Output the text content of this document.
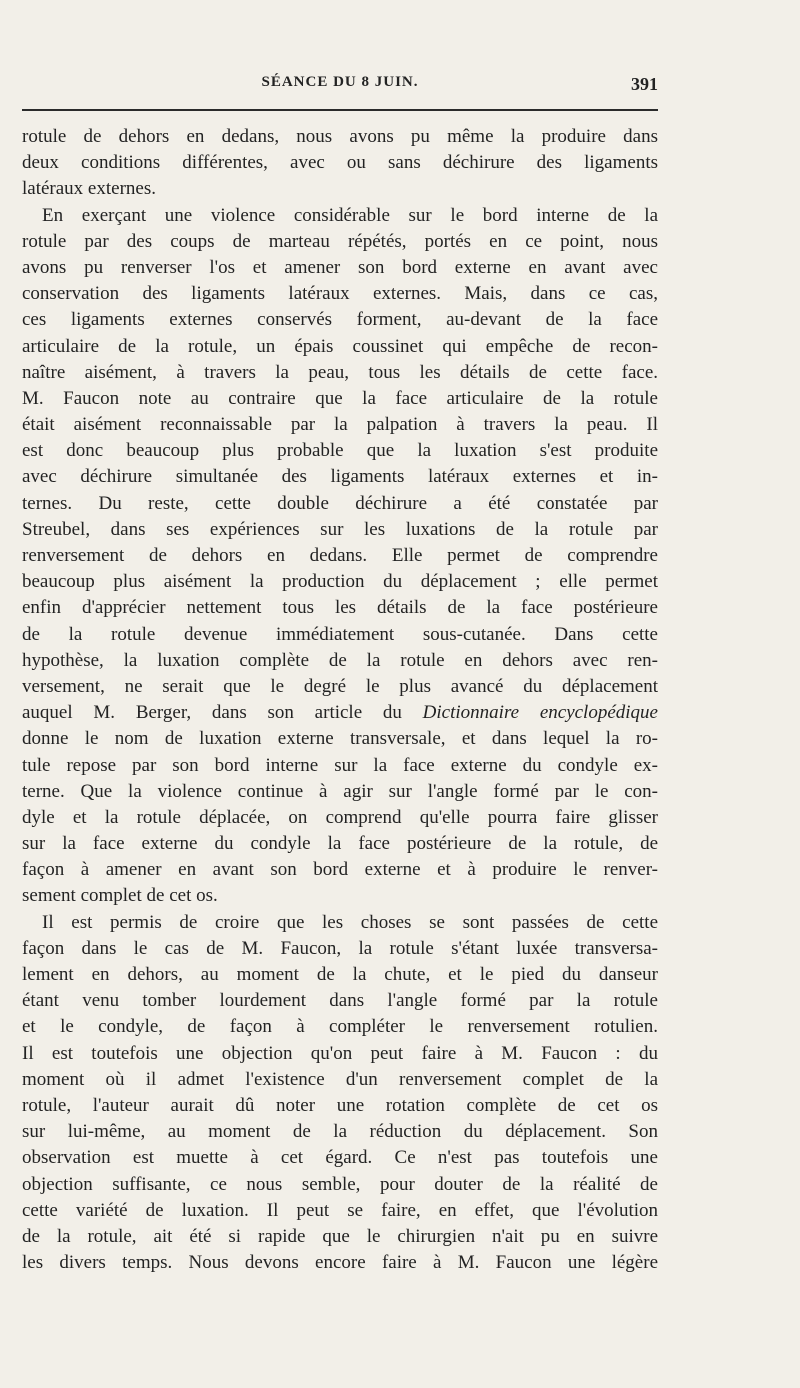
SÉANCE DU 8 JUIN.	391
rotule de dehors en dedans, nous avons pu même la produire dans
deux conditions différentes, avec ou sans déchirure des ligaments
latéraux externes.
En exerçant une violence considérable sur le bord interne de la
rotule par des coups de marteau répétés, portés en ce point, nous
avons pu renverser l'os et amener son bord externe en avant avec
conservation des ligaments latéraux externes. Mais, dans ce cas,
ces ligaments externes conservés forment, au-devant de la face
articulaire de la rotule, un épais coussinet qui empêche de recon-
naître aisément, à travers la peau, tous les détails de cette face.
M. Faucon note au contraire que la face articulaire de la rotule
était aisément reconnaissable par la palpation à travers la peau. Il
est donc beaucoup plus probable que la luxation s'est produite
avec déchirure simultanée des ligaments latéraux externes et in-
ternes. Du reste, cette double déchirure a été constatée par
Streubel, dans ses expériences sur les luxations de la rotule par
renversement de dehors en dedans. Elle permet de comprendre
beaucoup plus aisément la production du déplacement ; elle permet
enfin d'apprécier nettement tous les détails de la face postérieure
de la rotule devenue immédiatement sous-cutanée. Dans cette
hypothèse, la luxation complète de la rotule en dehors avec ren-
versement, ne serait que le degré le plus avancé du déplacement
auquel M. Berger, dans son article du Dictionnaire encyclopédique
donne le nom de luxation externe transversale, et dans lequel la ro-
tule repose par son bord interne sur la face externe du condyle ex-
terne. Que la violence continue à agir sur l'angle formé par le con-
dyle et la rotule déplacée, on comprend qu'elle pourra faire glisser
sur la face externe du condyle la face postérieure de la rotule, de
façon à amener en avant son bord externe et à produire le renver-
sement complet de cet os.
Il est permis de croire que les choses se sont passées de cette
façon dans le cas de M. Faucon, la rotule s'étant luxée transversa-
lement en dehors, au moment de la chute, et le pied du danseur
étant venu tomber lourdement dans l'angle formé par la rotule
et le condyle, de façon à compléter le renversement rotulien.
Il est toutefois une objection qu'on peut faire à M. Faucon : du
moment où il admet l'existence d'un renversement complet de la
rotule, l'auteur aurait dû noter une rotation complète de cet os
sur lui-même, au moment de la réduction du déplacement. Son
observation est muette à cet égard. Ce n'est pas toutefois une
objection suffisante, ce nous semble, pour douter de la réalité de
cette variété de luxation. Il peut se faire, en effet, que l'évolution
de la rotule, ait été si rapide que le chirurgien n'ait pu en suivre
les divers temps. Nous devons encore faire à M. Faucon une légère
